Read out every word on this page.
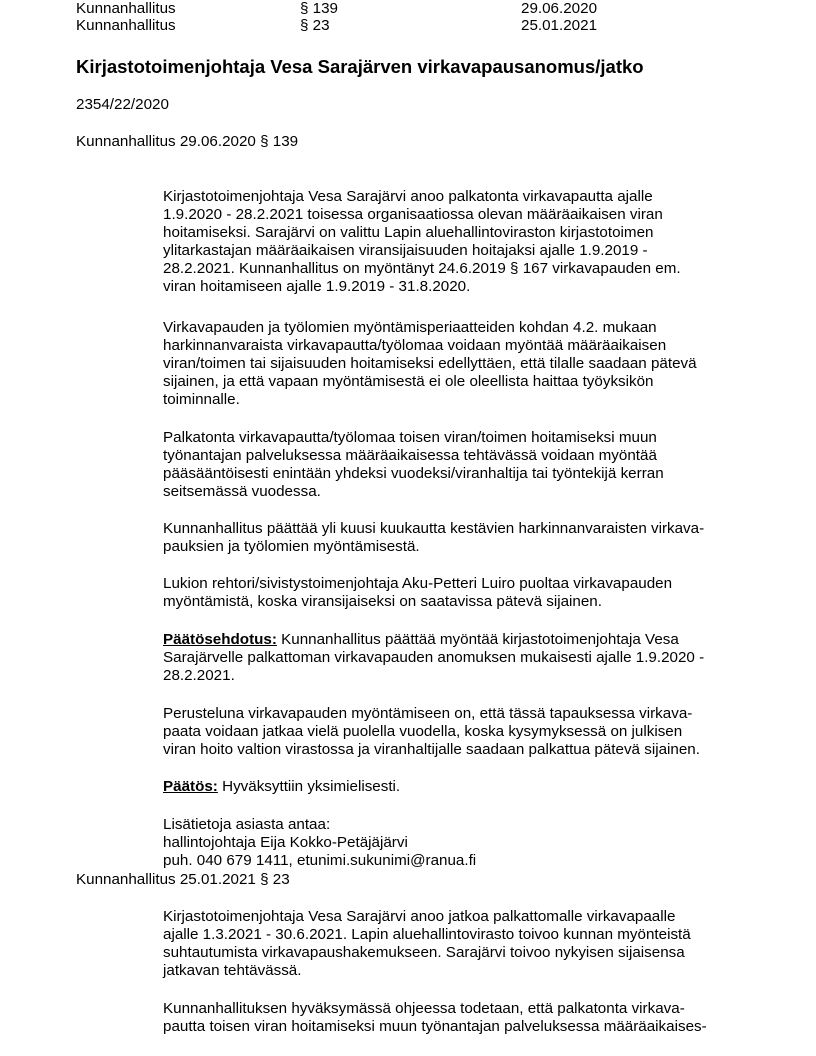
Kunnanhallitus	§ 139	29.06.2020
Kunnanhallitus	§ 23	25.01.2021
Kirjastotoimenjohtaja Vesa Sarajärven virkavapausanomus/jatko
2354/22/2020
Kunnanhallitus 29.06.2020 § 139

Kirjastotoimenjohtaja Vesa Sarajärvi anoo palkatonta virkavapautta ajalle
1.9.2020 - 28.2.2021 toisessa organisaatiossa olevan määräaikaisen viran
hoitamiseksi. Sarajärvi on valittu Lapin aluehallintoviraston kirjastotoimen
ylitarkastajan määräaikaisen viransijaisuuden hoitajaksi ajalle 1.9.2019 -
28.2.2021. Kunnanhallitus on myöntänyt 24.6.2019 § 167 virkavapauden em.
viran hoitamiseen ajalle 1.9.2019 - 31.8.2020.

Virkavapauden ja työlomien myöntämisperiaatteiden kohdan 4.2. mukaan
harkinnanvaraista virkavapautta/työlomaa voidaan myöntää määräaikaisen
viran/toimen tai sijaisuuden hoitamiseksi edellyttäen, että tilalle saadaan pätevä
sijainen, ja että vapaan myöntämisestä ei ole oleellista haittaa työyksikön
toiminnalle.

Palkatonta virkavapautta/työlomaa toisen viran/toimen hoitamiseksi muun
työnantajan palveluksessa määräaikaisessa tehtävässä voidaan myöntää
pääsääntöisesti enintään yhdeksi vuodeksi/viranhaltija tai työntekijä kerran
seitsemässä vuodessa.

Kunnanhallitus päättää yli kuusi kuukautta kestävien harkinnanvaraisten virkava-
pauksien ja työlomien myöntämisestä.

Lukion rehtori/sivistystoimenjohtaja Aku-Petteri Luiro puoltaa virkavapauden
myöntämistä, koska viransijaiseksi on saatavissa pätevä sijainen.

Päätösehdotus: Kunnanhallitus päättää myöntää kirjastotoimenjohtaja Vesa
Sarajärvelle palkattoman virkavapauden anomuksen mukaisesti ajalle 1.9.2020 -
28.2.2021.

Perusteluna virkavapauden myöntämiseen on, että tässä tapauksessa virkava-
paata voidaan jatkaa vielä puolella vuodella, koska kysymyksessä on julkisen
viran hoito valtion virastossa ja viranhaltijalle saadaan palkattua pätevä sijainen.

Päätös: Hyväksyttiin yksimielisesti.

Lisätietoja asiasta antaa:
hallintojohtaja Eija Kokko-Petäjäjärvi
puh. 040 679 1411, etunimi.sukunimi@ranua.fi

Kunnanhallitus 25.01.2021 § 23

Kirjastotoimenjohtaja Vesa Sarajärvi anoo jatkoa palkattomalle virkavapaalle
ajalle 1.3.2021 - 30.6.2021. Lapin aluehallintovirasto toivoo kunnan myönteistä
suhtautumista virkavapaushakemukseen. Sarajärvi toivoo nykyisen sijaisensa
jatkavan tehtävässä.

Kunnanhallituksen hyväksymässä ohjeessa todetaan, että palkatonta virkava-
pautta toisen viran hoitamiseksi muun työnantajan palveluksessa määräaikaises-
